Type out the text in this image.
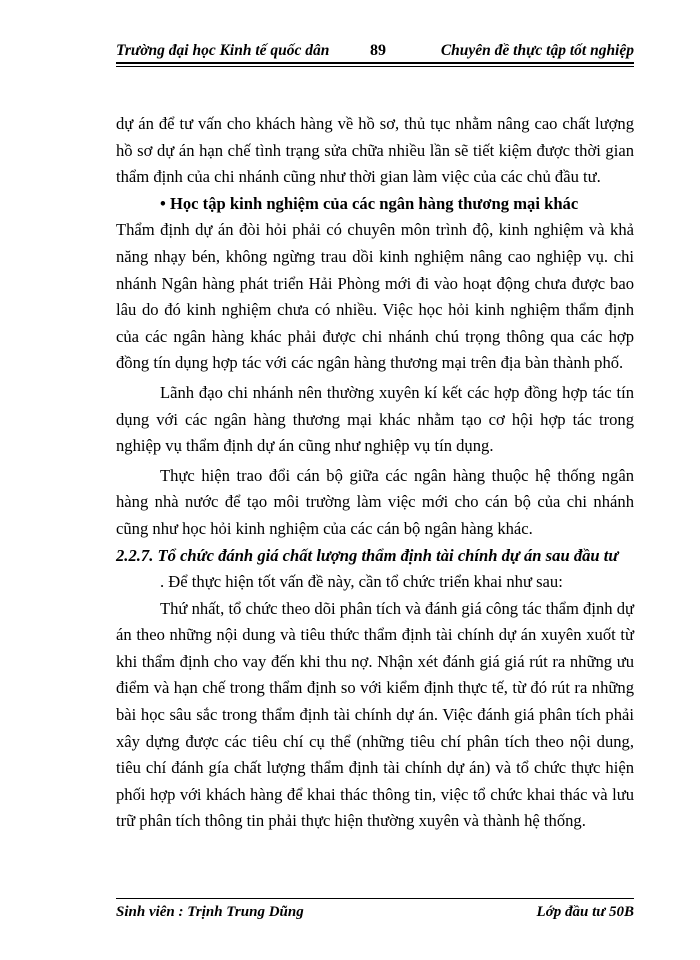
Trường đại học Kinh tế quốc dân	89	Chuyên đề thực tập tốt nghiệp

dự án để tư vấn cho khách hàng về hồ sơ, thủ tục nhằm nâng cao chất lượng hồ sơ dự án hạn chế tình trạng sửa chữa nhiều lần sẽ tiết kiệm được thời gian thẩm định của chi nhánh cũng như thời gian làm việc của các chủ đầu tư.

• Học tập kinh nghiệm của các ngân hàng thương mại khác

Thẩm định dự án đòi hỏi phải có chuyên môn trình độ, kinh nghiệm và khả năng nhạy bén, không ngừng trau dồi kinh nghiệm nâng cao nghiệp vụ. chi nhánh Ngân hàng phát triển Hải Phòng mới đi vào hoạt động chưa được bao lâu do đó kinh nghiệm chưa có nhiều. Việc học hỏi kinh nghiệm thẩm định của các ngân hàng khác phải được chi nhánh chú trọng thông qua các hợp đồng tín dụng hợp tác với các ngân hàng thương mại trên địa bàn thành phố.

Lãnh đạo chi nhánh nên thường xuyên kí kết các hợp đồng hợp tác tín dụng với các ngân hàng thương mại khác nhằm tạo cơ hội hợp tác trong nghiệp vụ thẩm định dự án cũng như nghiệp vụ tín dụng.

Thực hiện trao đổi cán bộ giữa các ngân hàng thuộc hệ thống ngân hàng nhà nước để tạo môi trường làm việc mới cho cán bộ của chi nhánh cũng như học hỏi kinh nghiệm của các cán bộ ngân hàng khác.

2.2.7. Tổ chức đánh giá chất lượng thẩm định tài chính dự án sau đầu tư

. Để thực hiện tốt vấn đề này, cần tổ chức triển khai như sau:

Thứ nhất, tổ chức theo dõi phân tích và đánh giá công tác thẩm định dự án theo những nội dung và tiêu thức thẩm định tài chính dự án xuyên xuốt từ khi thẩm định cho vay đến khi thu nợ. Nhận xét đánh giá giá rút ra những ưu điểm và hạn chế trong thẩm định so với kiểm định thực tế, từ đó rút ra những bài học sâu sắc trong thẩm định tài chính dự án. Việc đánh giá phân tích phải xây dựng được các tiêu chí cụ thể (những tiêu chí phân tích theo nội dung, tiêu chí đánh gía chất lượng thẩm định tài chính dự án) và tổ chức thực hiện phối hợp với khách hàng để khai thác thông tin, việc tổ chức khai thác và lưu trữ phân tích thông tin phải thực hiện thường xuyên và thành hệ thống.

Sinh viên : Trịnh Trung Dũng	Lớp đầu tư 50B
